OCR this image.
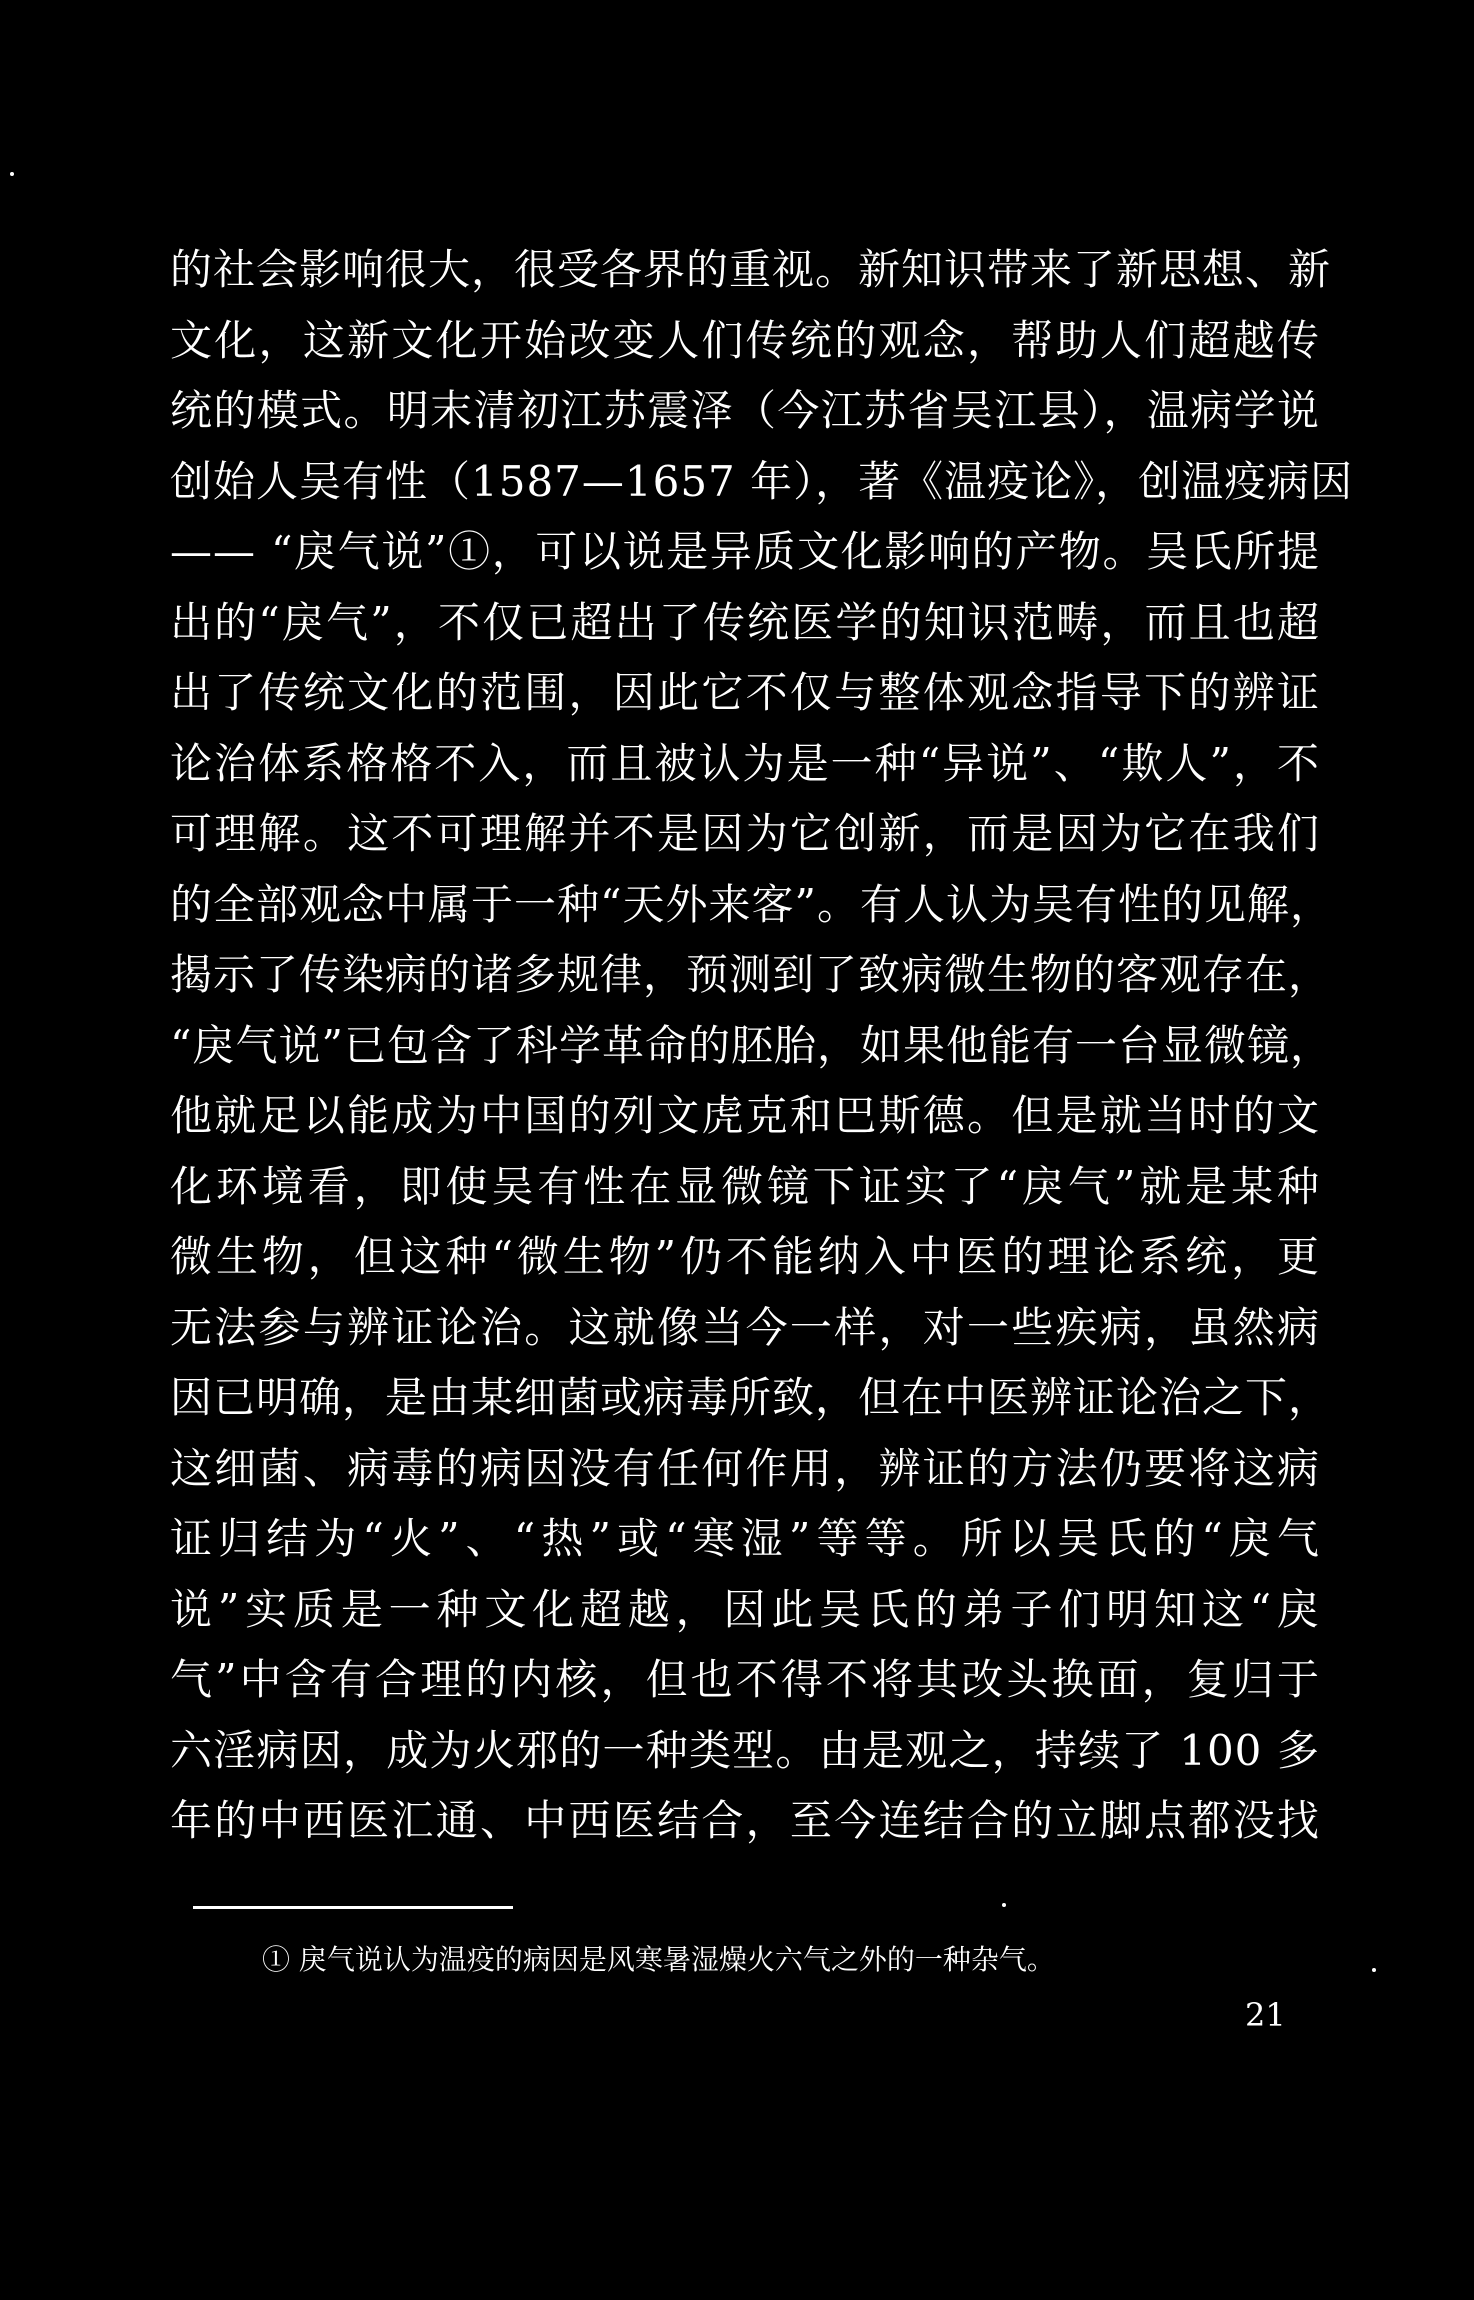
的社会影响很大，很受各界的重视。新知识带来了新思想、新
文化，这新文化开始改变人们传统的观念，帮助人们超越传
统的模式。明末清初江苏震泽（今江苏省吴江县），温病学说
创始人吴有性（1587—1657 年），著《温疫论》，创温疫病因
—— “戾气说”①，可以说是异质文化影响的产物。吴氏所提
出的“戾气”，不仅已超出了传统医学的知识范畴，而且也超
出了传统文化的范围，因此它不仅与整体观念指导下的辨证
论治体系格格不入，而且被认为是一种“异说”、“欺人”，不
可理解。这不可理解并不是因为它创新，而是因为它在我们
的全部观念中属于一种“天外来客”。有人认为吴有性的见解，
揭示了传染病的诸多规律，预测到了致病微生物的客观存在，
“戾气说”已包含了科学革命的胚胎，如果他能有一台显微镜，
他就足以能成为中国的列文虎克和巴斯德。但是就当时的文
化环境看，即使吴有性在显微镜下证实了“戾气”就是某种
微生物，但这种“微生物”仍不能纳入中医的理论系统，更
无法参与辨证论治。这就像当今一样，对一些疾病，虽然病
因已明确，是由某细菌或病毒所致，但在中医辨证论治之下，
这细菌、病毒的病因没有任何作用，辨证的方法仍要将这病
证归结为“火”、“热”或“寒湿”等等。所以吴氏的“戾气
说”实质是一种文化超越，因此吴氏的弟子们明知这“戾
气”中含有合理的内核，但也不得不将其改头换面，复归于
六淫病因，成为火邪的一种类型。由是观之，持续了 100 多
年的中西医汇通、中西医结合，至今连结合的立脚点都没找
① 戾气说认为温疫的病因是风寒暑湿燥火六气之外的一种杂气。
21
